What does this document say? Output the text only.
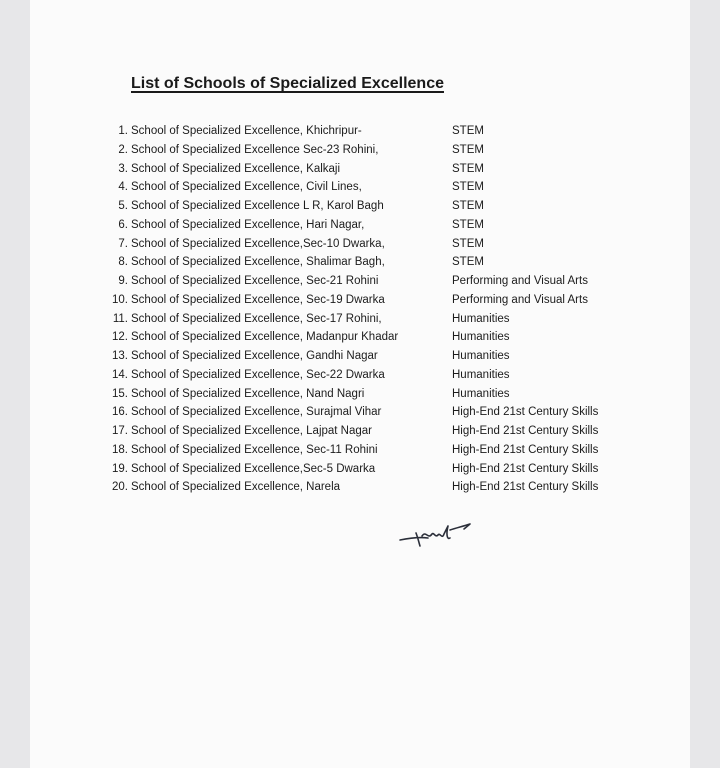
List of Schools of Specialized Excellence
1. School of Specialized Excellence, Khichripur-	STEM
2. School of Specialized Excellence Sec-23 Rohini,	STEM
3. School of Specialized Excellence, Kalkaji	STEM
4. School of Specialized Excellence, Civil Lines,	STEM
5. School of Specialized Excellence L R, Karol Bagh	STEM
6. School of Specialized Excellence, Hari Nagar,	STEM
7. School of Specialized Excellence,Sec-10 Dwarka,	STEM
8. School of Specialized Excellence, Shalimar Bagh,	STEM
9. School of Specialized Excellence, Sec-21 Rohini	Performing and Visual Arts
10. School of Specialized Excellence, Sec-19 Dwarka	Performing and Visual Arts
11. School of Specialized Excellence, Sec-17 Rohini,	Humanities
12. School of Specialized Excellence, Madanpur Khadar	Humanities
13. School of Specialized Excellence, Gandhi Nagar	Humanities
14. School of Specialized Excellence, Sec-22 Dwarka	Humanities
15. School of Specialized Excellence, Nand Nagri	Humanities
16. School of Specialized Excellence, Surajmal Vihar	High-End 21st Century Skills
17. School of Specialized Excellence, Lajpat Nagar	High-End 21st Century Skills
18. School of Specialized Excellence, Sec-11 Rohini	High-End 21st Century Skills
19. School of Specialized Excellence,Sec-5 Dwarka	High-End 21st Century Skills
20. School of Specialized Excellence, Narela	High-End 21st Century Skills
